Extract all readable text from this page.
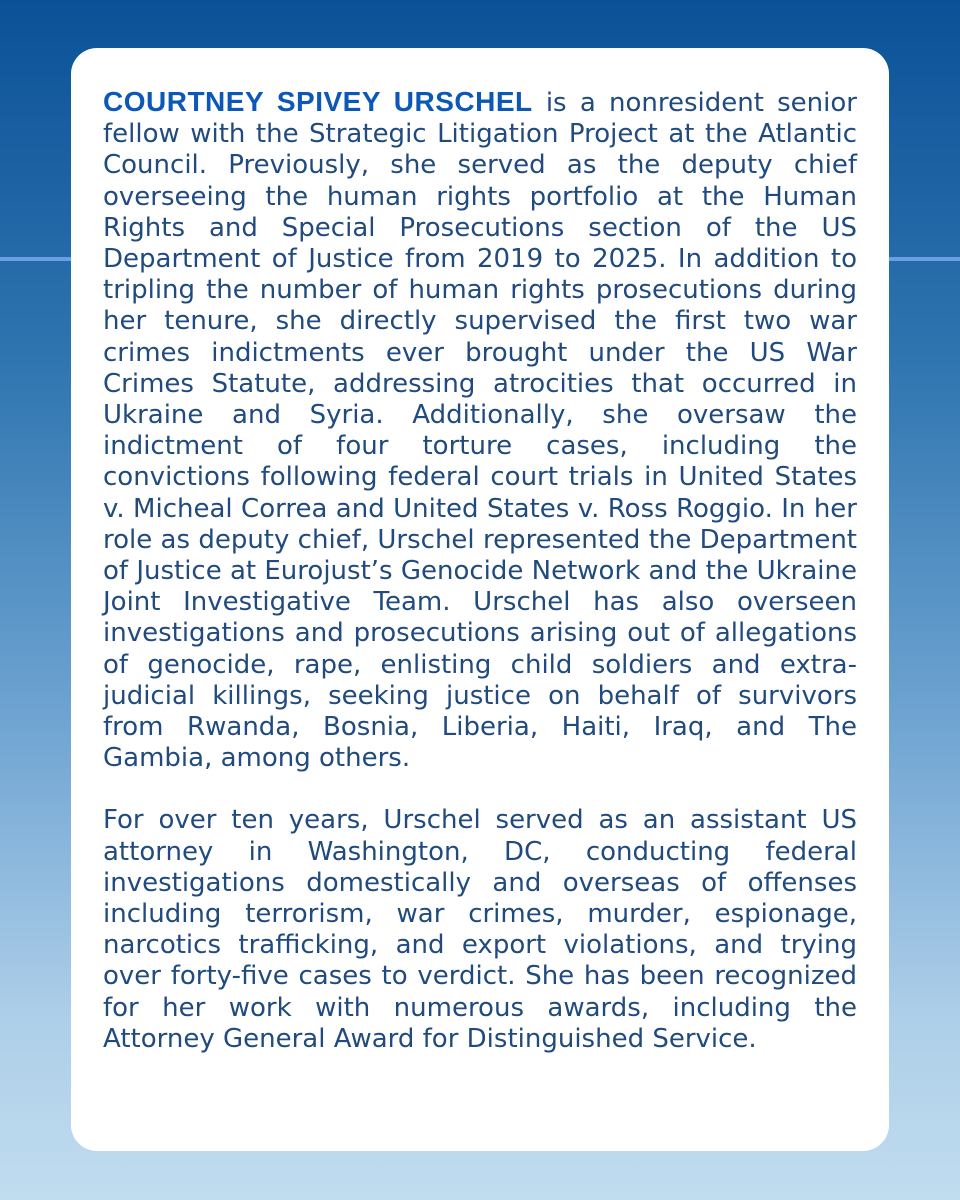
COURTNEY SPIVEY URSCHEL is a nonresident senior fellow with the Strategic Litigation Project at the Atlantic Council. Previously, she served as the deputy chief overseeing the human rights portfolio at the Human Rights and Special Prosecutions section of the US Department of Justice from 2019 to 2025. In addition to tripling the number of human rights prosecutions during her tenure, she directly supervised the first two war crimes indictments ever brought under the US War Crimes Statute, addressing atrocities that occurred in Ukraine and Syria. Additionally, she oversaw the indictment of four torture cases, including the convictions following federal court trials in United States v. Micheal Correa and United States v. Ross Roggio. In her role as deputy chief, Urschel represented the Department of Justice at Eurojust’s Genocide Network and the Ukraine Joint Investigative Team. Urschel has also overseen investigations and prosecutions arising out of allegations of genocide, rape, enlisting child soldiers and extra-judicial killings, seeking justice on behalf of survivors from Rwanda, Bosnia, Liberia, Haiti, Iraq, and The Gambia, among others.

For over ten years, Urschel served as an assistant US attorney in Washington, DC, conducting federal investigations domestically and overseas of offenses including terrorism, war crimes, murder, espionage, narcotics trafficking, and export violations, and trying over forty-five cases to verdict. She has been recognized for her work with numerous awards, including the Attorney General Award for Distinguished Service.
